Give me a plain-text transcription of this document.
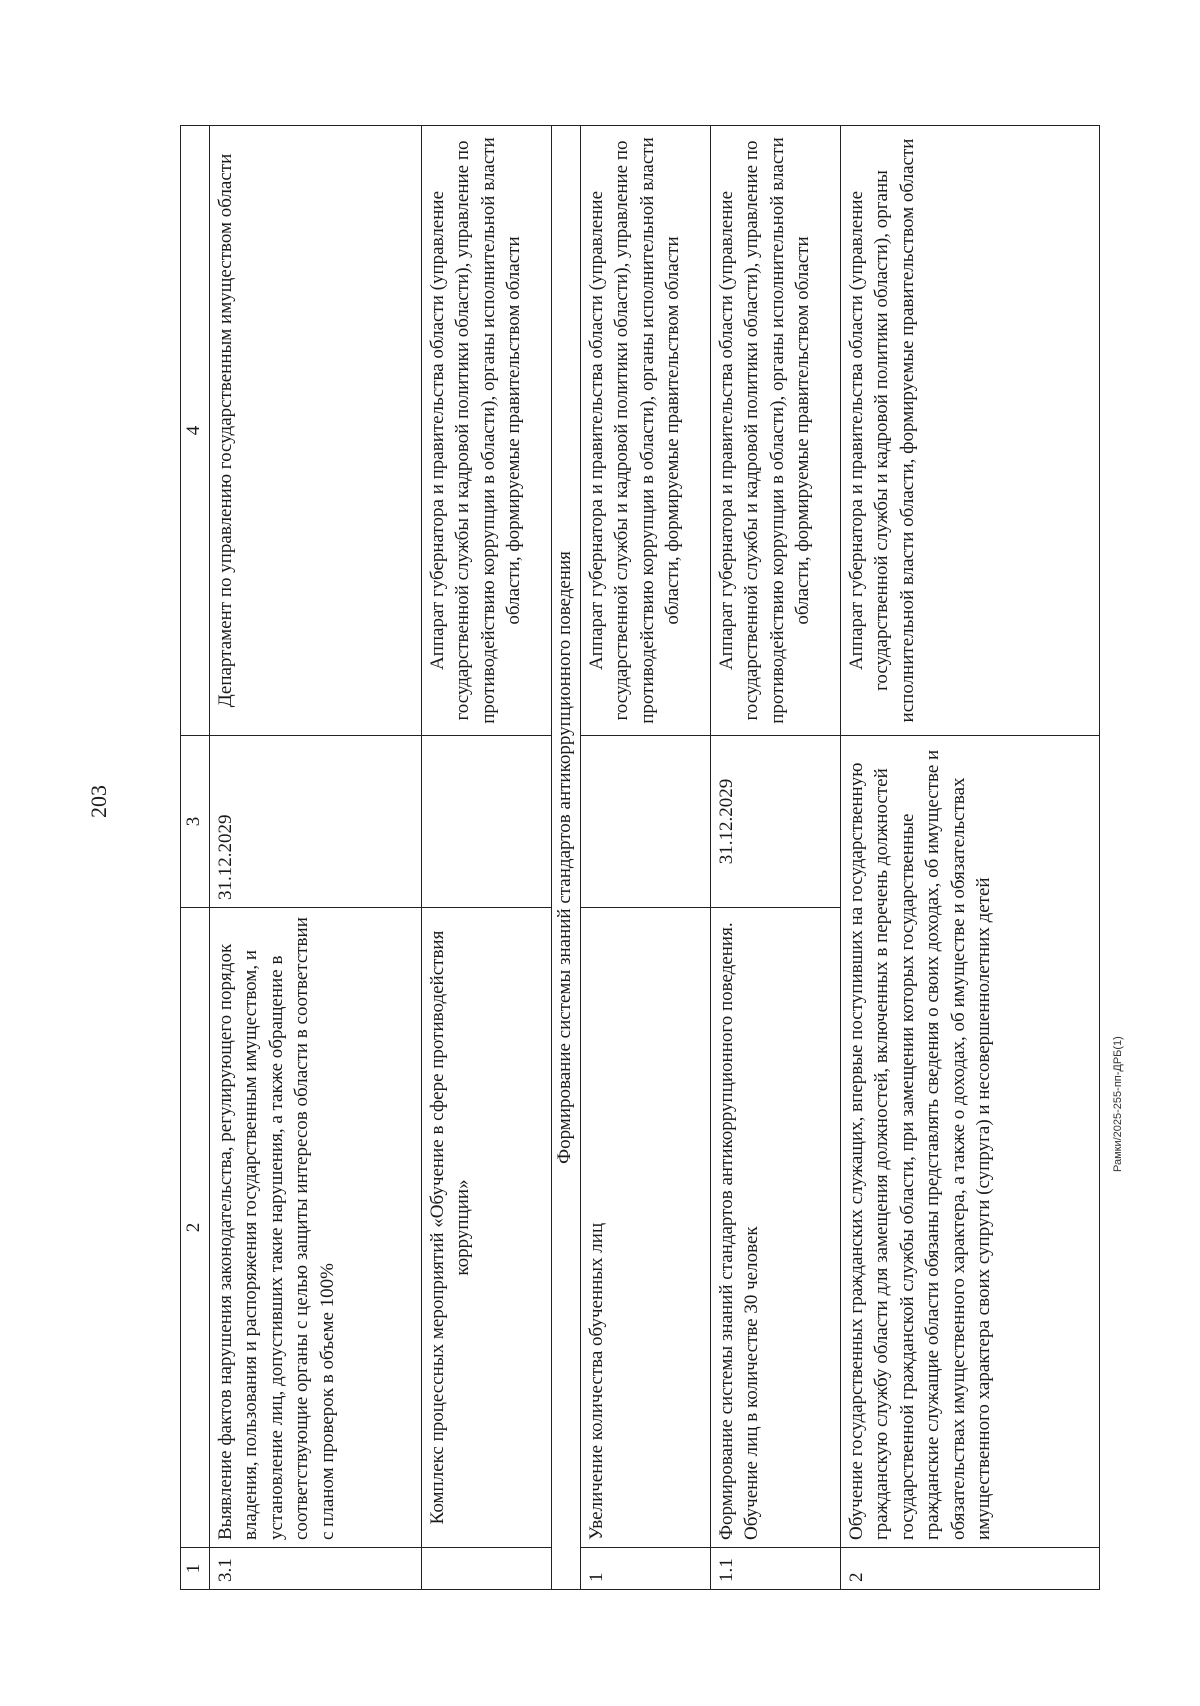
203
Рамки/2025-255-пп-ДРБ(1)
1	2	3	4
3.1	Выявление фактов нарушения законодательства, регулирующего порядок владения, пользования и распоряжения государственным имуществом, и установление лиц, допустивших такие нарушения, а также обращение в соответствующие органы с целью защиты интересов области в соответствии с планом проверок в объеме 100%	31.12.2029	Департамент по управлению государственным имуществом области
	Комплекс процессных мероприятий «Обучение в сфере противодействия коррупции»		Аппарат губернатора и правительства области (управление государственной службы и кадровой политики области), управление по противодействию коррупции в области), органы исполнительной власти области, формируемые правительством области
Формирование системы знаний стандартов антикоррупционного поведения			
1	Увеличение количества обученных лиц		Аппарат губернатора и правительства области (управление государственной службы и кадровой политики области), управление по противодействию коррупции в области), органы исполнительной власти области, формируемые правительством области
1.1	Формирование системы знаний стандартов антикоррупционного поведения. Обучение лиц в количестве 30 человек	31.12.2029	Аппарат губернатора и правительства области (управление государственной службы и кадровой политики области), управление по противодействию коррупции в области), органы исполнительной власти области, формируемые правительством области
2	Обучение государственных гражданских служащих, впервые поступивших на государственную гражданскую службу области для замещения должностей, включенных в перечень должностей государственной гражданской службы области, при замещении которых государственные гражданские служащие области обязаны представлять сведения о своих доходах, об имуществе и обязательствах имущественного характера, а также о доходах, об имуществе и обязательствах имущественного характера своих супруги (супруга) и несовершеннолетних детей		Аппарат губернатора и правительства области (управление государственной службы и кадровой политики области), органы исполнительной власти области, формируемые правительством области
